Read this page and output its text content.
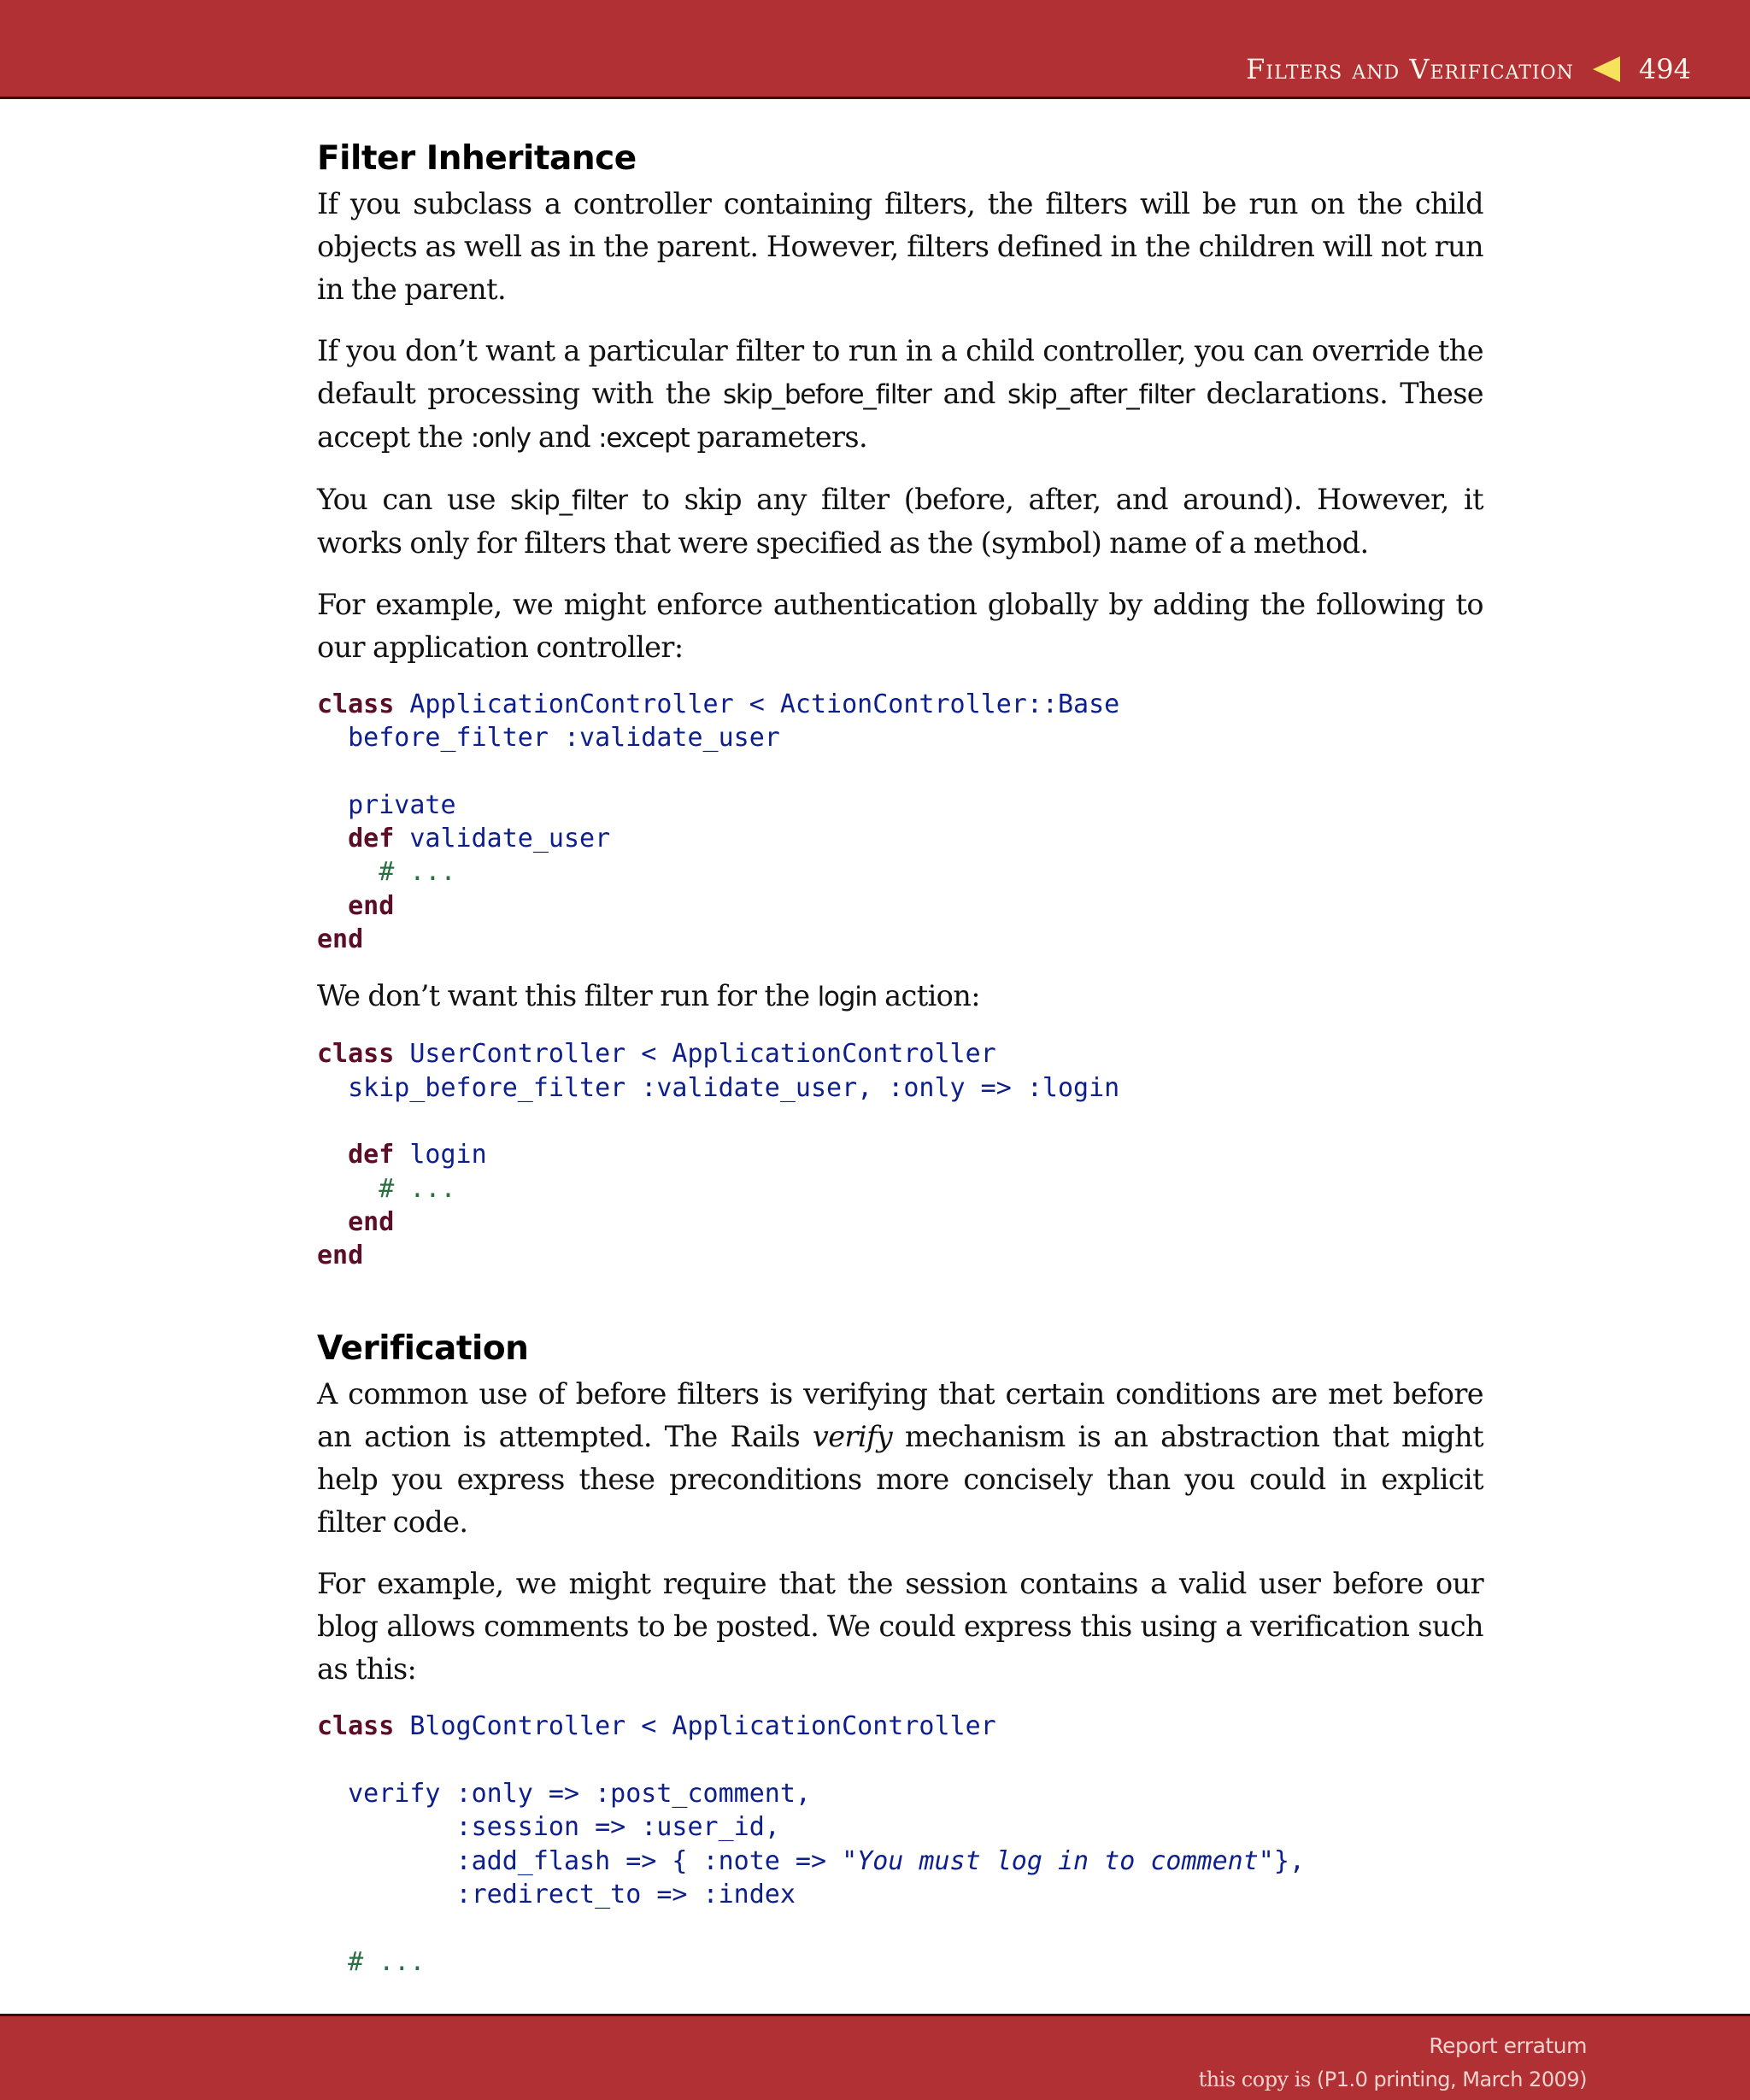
Filters and Verification 494
Filter Inheritance

If you subclass a controller containing filters, the filters will be run on the child objects as well as in the parent. However, filters defined in the children will not run in the parent.

If you don’t want a particular filter to run in a child controller, you can override the default processing with the skip_before_filter and skip_after_filter declarations. These accept the :only and :except parameters.

You can use skip_filter to skip any filter (before, after, and around). However, it works only for filters that were specified as the (symbol) name of a method.

For example, we might enforce authentication globally by adding the following to our application controller:

class ApplicationController < ActionController::Base
before_filter :validate_user

private
def validate_user
# ...
end
end

We don’t want this filter run for the login action:

class UserController < ApplicationController
skip_before_filter :validate_user, :only => :login

def login
# ...
end
end
Verification

A common use of before filters is verifying that certain conditions are met before an action is attempted. The Rails verify mechanism is an abstraction that might help you express these preconditions more concisely than you could in explicit filter code.

For example, we might require that the session contains a valid user before our blog allows comments to be posted. We could express this using a verification such as this:

class BlogController < ApplicationController

verify :only => :post_comment,
:session => :user_id,
:add_flash => { :note => "You must log in to comment"},
:redirect_to => :index

# ...
Report erratum
this copy is (P1.0 printing, March 2009)
